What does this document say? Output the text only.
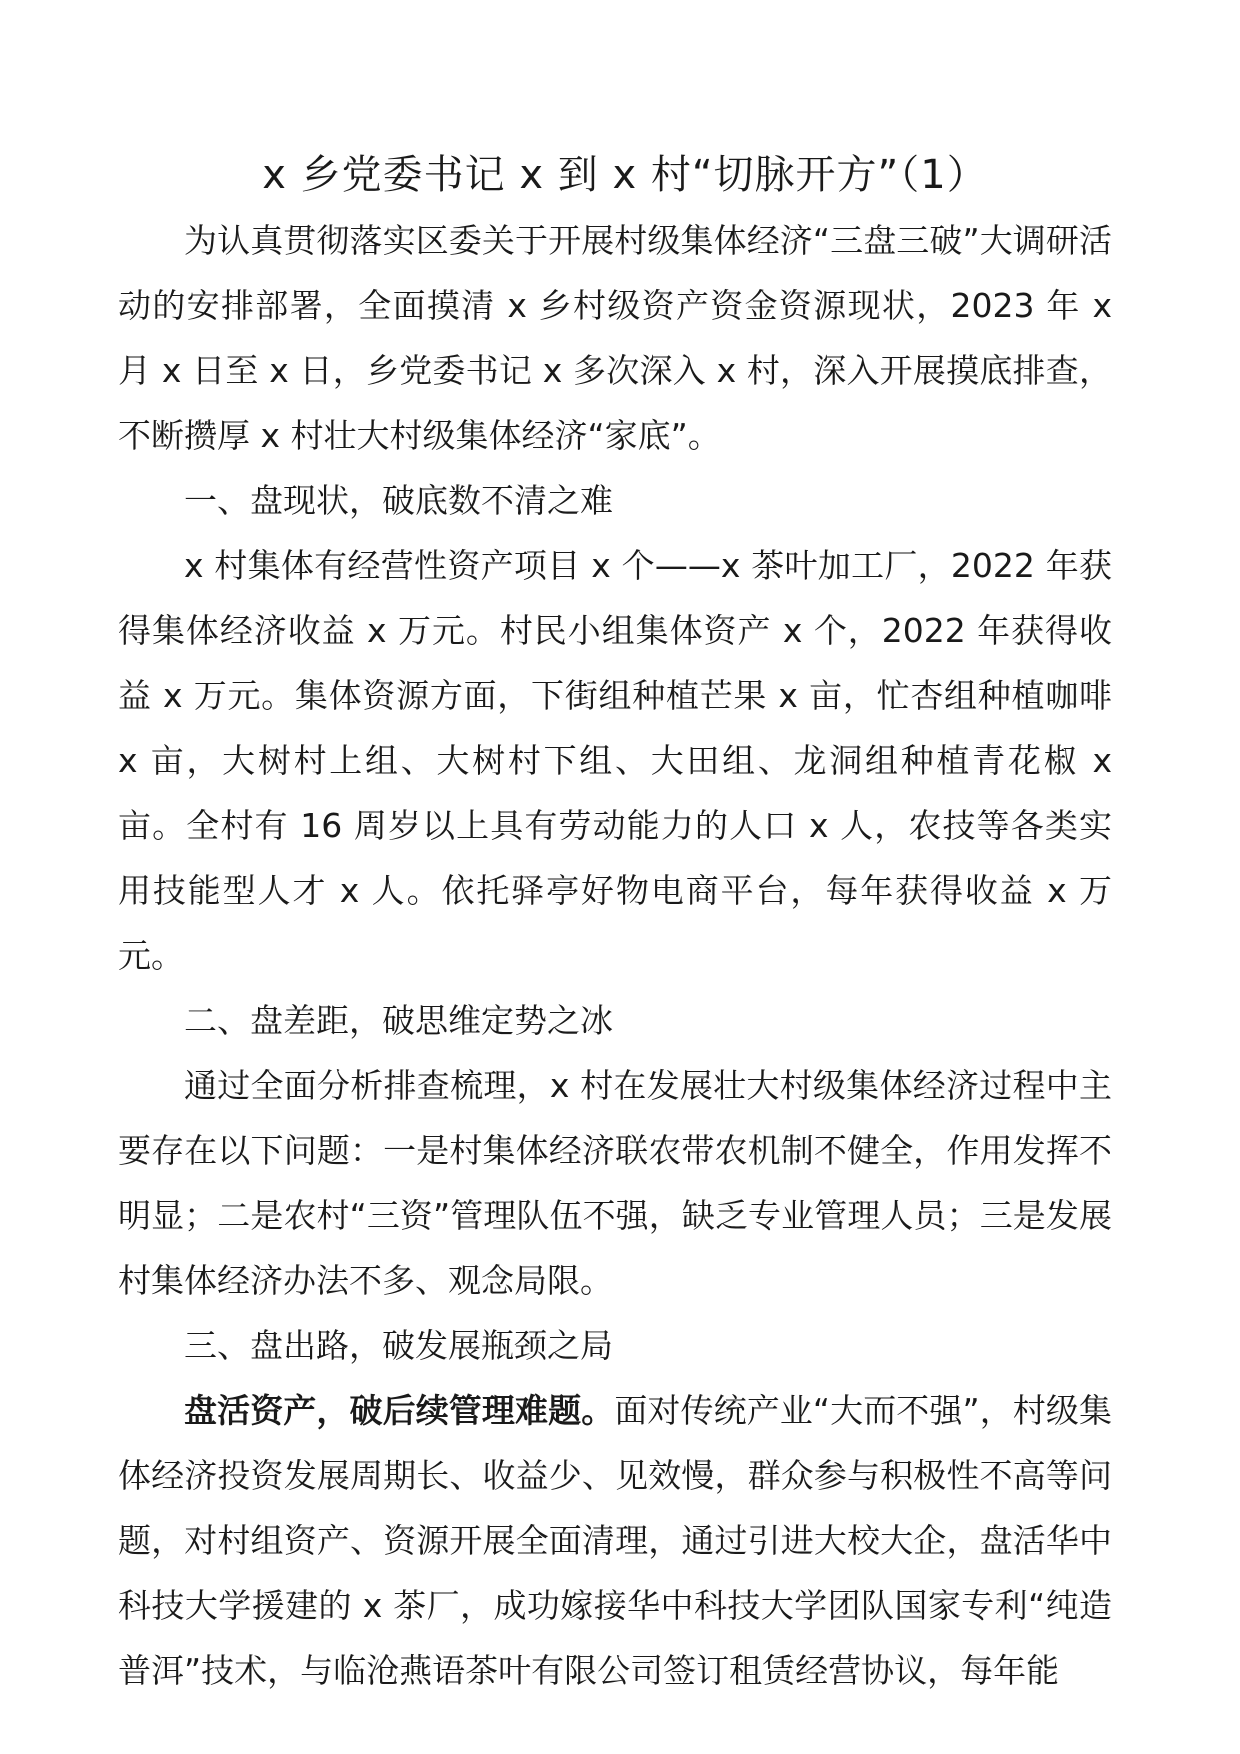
x 乡党委书记 x 到 x 村“切脉开方”（1）

为认真贯彻落实区委关于开展村级集体经济“三盘三破”大调研活动的安排部署，全面摸清 x 乡村级资产资金资源现状，2023 年 x 月 x 日至 x 日，乡党委书记 x 多次深入 x 村，深入开展摸底排查，不断攒厚 x 村壮大村级集体经济“家底”。

一、盘现状，破底数不清之难

x 村集体有经营性资产项目 x 个——x 茶叶加工厂，2022 年获得集体经济收益 x 万元。村民小组集体资产 x 个，2022 年获得收益 x 万元。集体资源方面，下街组种植芒果 x 亩，忙杏组种植咖啡 x 亩，大树村上组、大树村下组、大田组、龙洞组种植青花椒 x 亩。全村有 16 周岁以上具有劳动能力的人口 x 人，农技等各类实用技能型人才 x 人。依托驿亭好物电商平台，每年获得收益 x 万元。

二、盘差距，破思维定势之冰

通过全面分析排查梳理，x 村在发展壮大村级集体经济过程中主要存在以下问题：一是村集体经济联农带农机制不健全，作用发挥不明显；二是农村“三资”管理队伍不强，缺乏专业管理人员；三是发展村集体经济办法不多、观念局限。

三、盘出路，破发展瓶颈之局

盘活资产，破后续管理难题。面对传统产业“大而不强”，村级集体经济投资发展周期长、收益少、见效慢，群众参与积极性不高等问题，对村组资产、资源开展全面清理，通过引进大校大企，盘活华中科技大学援建的 x 茶厂，成功嫁接华中科技大学团队国家专利“纯造普洱”技术，与临沧燕语茶叶有限公司签订租赁经营协议，每年能
